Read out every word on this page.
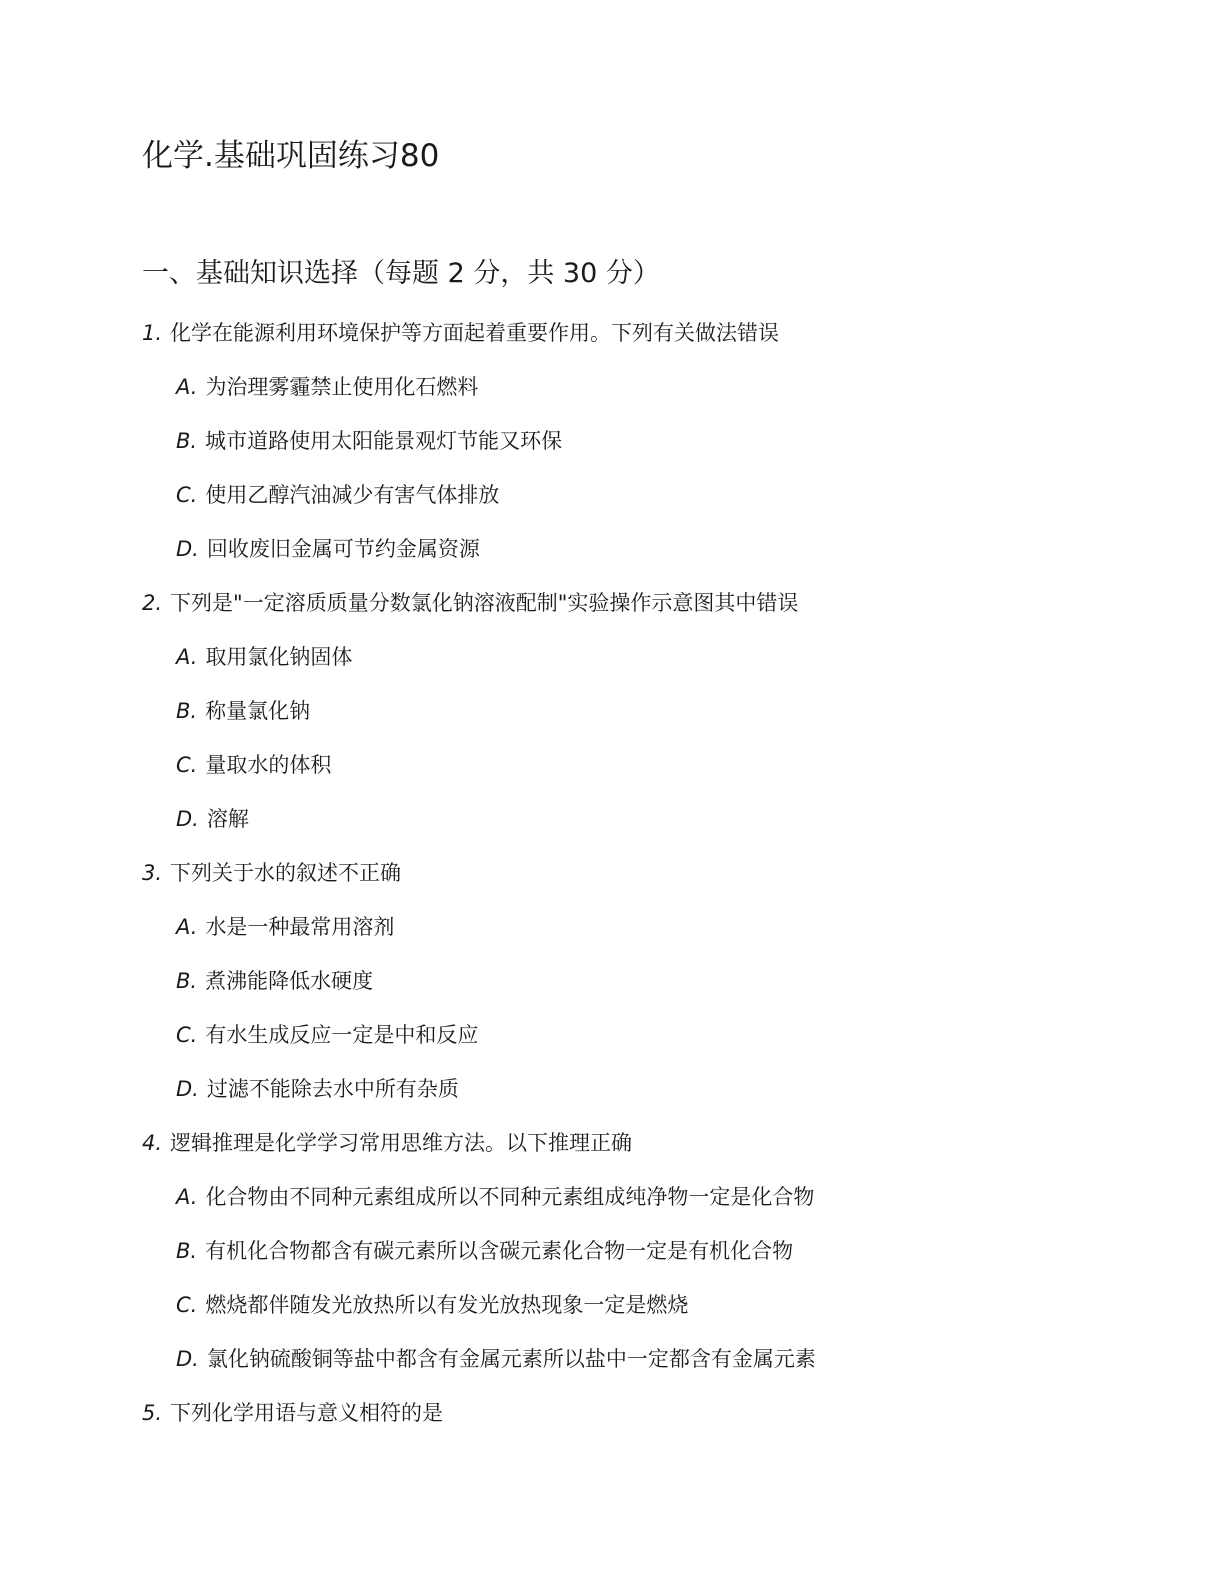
化学.基础巩固练习80
一、基础知识选择（每题 2 分，共 30 分）
1. 化学在能源利用环境保护等方面起着重要作用。下列有关做法错误
A. 为治理雾霾禁止使用化石燃料
B. 城市道路使用太阳能景观灯节能又环保
C. 使用乙醇汽油减少有害气体排放
D. 回收废旧金属可节约金属资源
2. 下列是"一定溶质质量分数氯化钠溶液配制"实验操作示意图其中错误
A. 取用氯化钠固体
B. 称量氯化钠
C. 量取水的体积
D. 溶解
3. 下列关于水的叙述不正确
A. 水是一种最常用溶剂
B. 煮沸能降低水硬度
C. 有水生成反应一定是中和反应
D. 过滤不能除去水中所有杂质
4. 逻辑推理是化学学习常用思维方法。以下推理正确
A. 化合物由不同种元素组成所以不同种元素组成纯净物一定是化合物
B. 有机化合物都含有碳元素所以含碳元素化合物一定是有机化合物
C. 燃烧都伴随发光放热所以有发光放热现象一定是燃烧
D. 氯化钠硫酸铜等盐中都含有金属元素所以盐中一定都含有金属元素
5. 下列化学用语与意义相符的是
